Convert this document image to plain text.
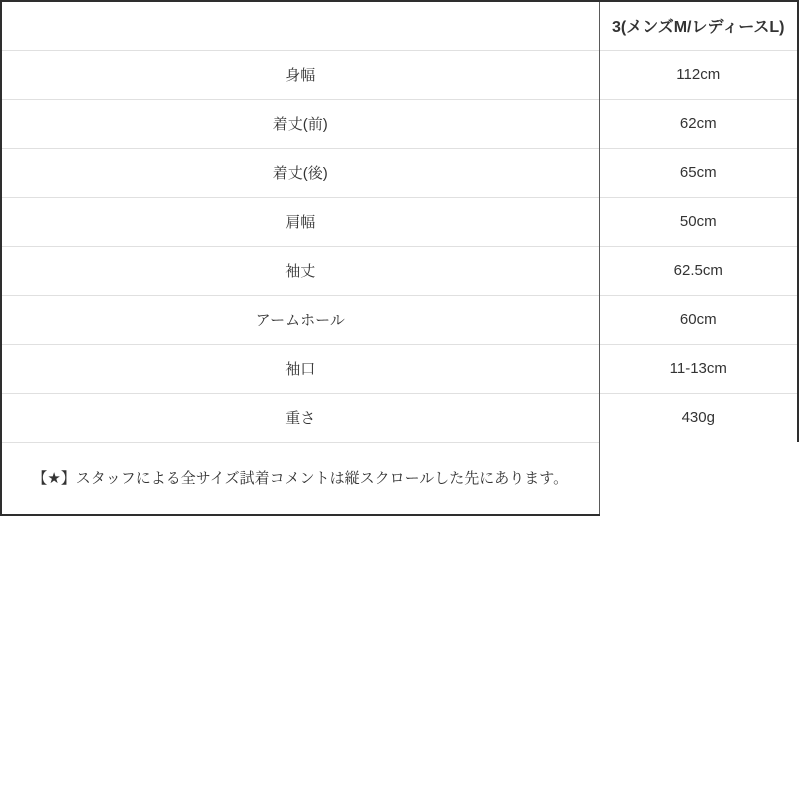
	3(メンズM/レディースL)
身幅	112cm
着丈(前)	62cm
着丈(後)	65cm
肩幅	50cm
袖丈	62.5cm
アームホール	60cm
袖口	11-13cm
重さ	430g
【★】スタッフによる全サイズ試着コメントは縦スクロールした先にあります。	
